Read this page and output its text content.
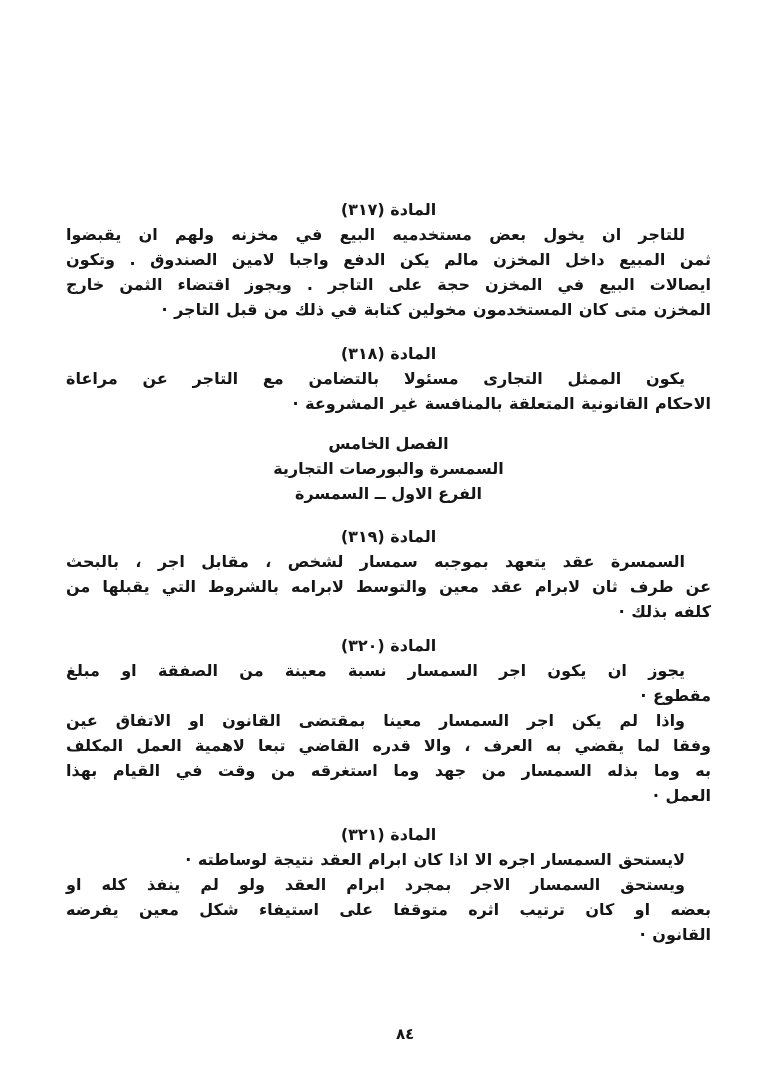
المادة (٣١٧)
للتاجر ان يخول بعض مستخدميه البيع في مخزنه ولهم ان يقبضوا
ثمن المبيع داخل المخزن مالم يكن الدفع واجبا لامين الصندوق . وتكون
ايصالات البيع في المخزن حجة على التاجر . ويجوز اقتضاء الثمن خارج
المخزن متى كان المستخدمون مخولين كتابة في ذلك من قبل التاجر ·
المادة (٣١٨)
يكون الممثل التجارى مسئولا بالتضامن مع التاجر عن مراعاة
الاحكام القانونية المتعلقة بالمنافسة غير المشروعة ·
الفصل الخامس
السمسرة والبورصات التجارية
الفرع الاول ــ السمسرة
المادة (٣١٩)
السمسرة عقد يتعهد بموجبه سمسار لشخص ، مقابل اجر ، بالبحث
عن طرف ثان لابرام عقد معين والتوسط لابرامه بالشروط التي يقبلها من
كلفه بذلك ·
المادة (٣٢٠)
يجوز ان يكون اجر السمسار نسبة معينة من الصفقة او مبلغ
مقطوع ·
واذا لم يكن اجر السمسار معينا بمقتضى القانون او الاتفاق عين
وفقا لما يقضي به العرف ، والا قدره القاضي تبعا لاهمية العمل المكلف
به وما بذله السمسار من جهد وما استغرقه من وقت في القيام بهذا
العمل ·
المادة (٣٢١)
لايستحق السمسار اجره الا اذا كان ابرام العقد نتيجة لوساطته ·
ويستحق السمسار الاجر بمجرد ابرام العقد ولو لم ينفذ كله او
بعضه او كان ترتيب اثره متوقفا على استيفاء شكل معين يفرضه
القانون ·
٨٤
